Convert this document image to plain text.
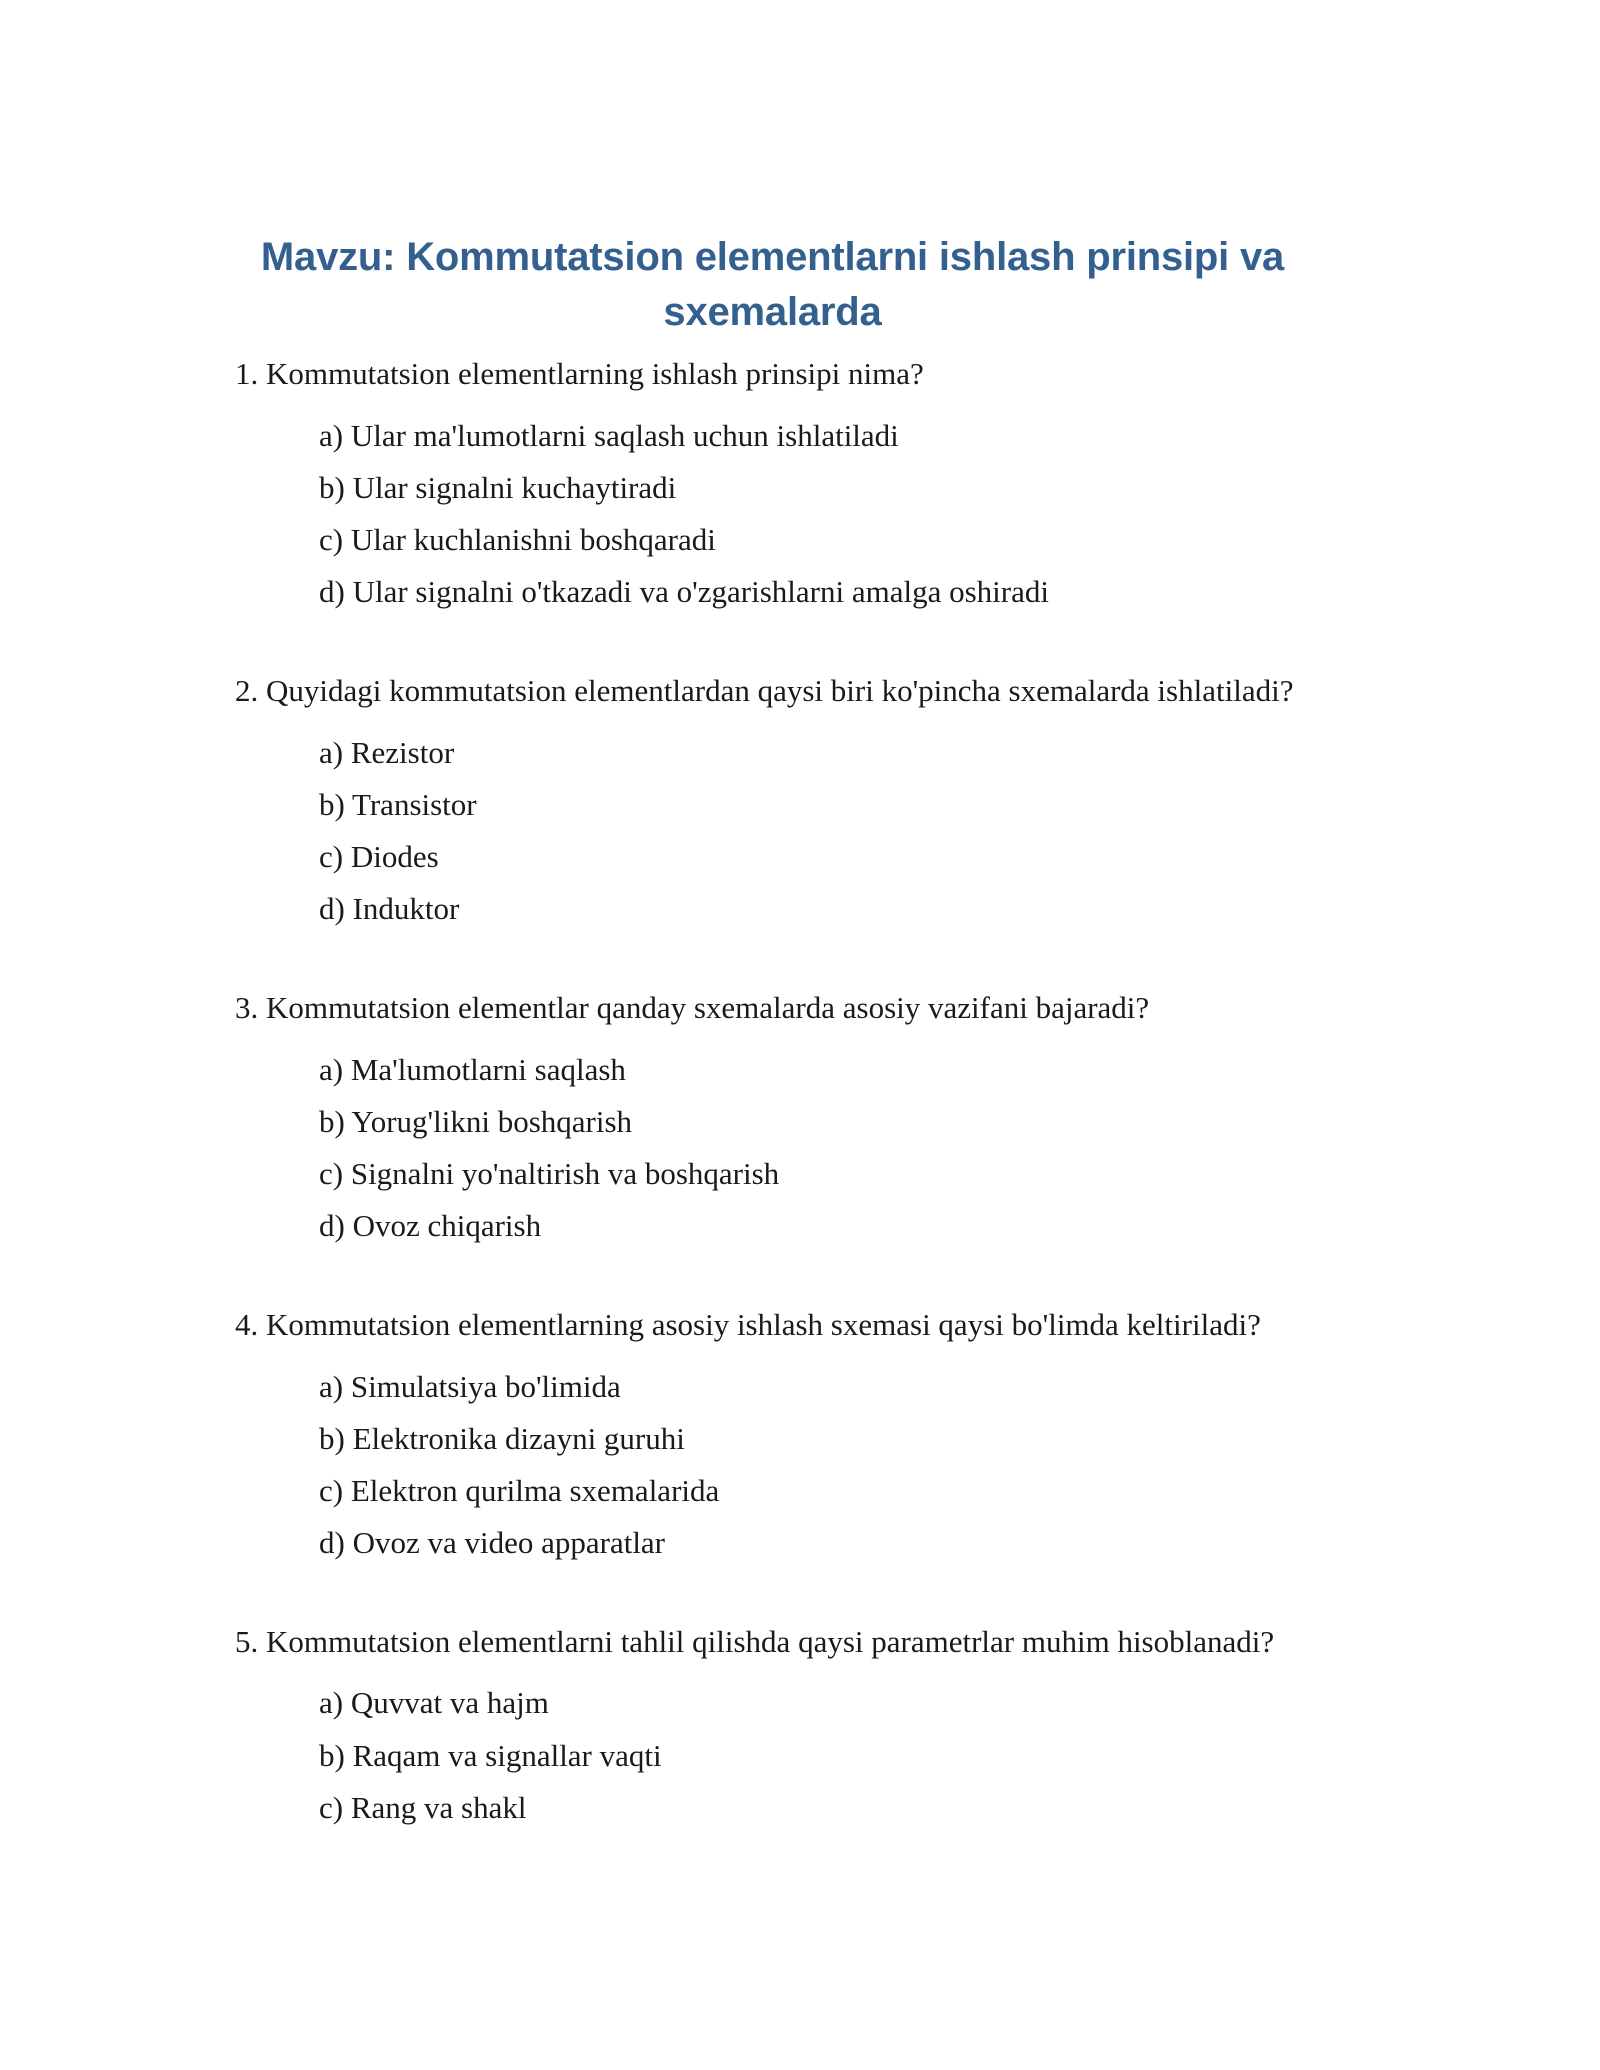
Mavzu: Kommutatsion elementlarni ishlash prinsipi va sxemalarda

1. Kommutatsion elementlarning ishlash prinsipi nima?

a) Ular ma'lumotlarni saqlash uchun ishlatiladi
b) Ular signalni kuchaytiradi
c) Ular kuchlanishni boshqaradi
d) Ular signalni o'tkazadi va o'zgarishlarni amalga oshiradi

2. Quyidagi kommutatsion elementlardan qaysi biri ko'pincha sxemalarda ishlatiladi?

a) Rezistor
b) Transistor
c) Diodes
d) Induktor

3. Kommutatsion elementlar qanday sxemalarda asosiy vazifani bajaradi?

a) Ma'lumotlarni saqlash
b) Yorug'likni boshqarish
c) Signalni yo'naltirish va boshqarish
d) Ovoz chiqarish

4. Kommutatsion elementlarning asosiy ishlash sxemasi qaysi bo'limda keltiriladi?

a) Simulatsiya bo'limida
b) Elektronika dizayni guruhi
c) Elektron qurilma sxemalarida
d) Ovoz va video apparatlar

5. Kommutatsion elementlarni tahlil qilishda qaysi parametrlar muhim hisoblanadi?

a) Quvvat va hajm
b) Raqam va signallar vaqti
c) Rang va shakl
